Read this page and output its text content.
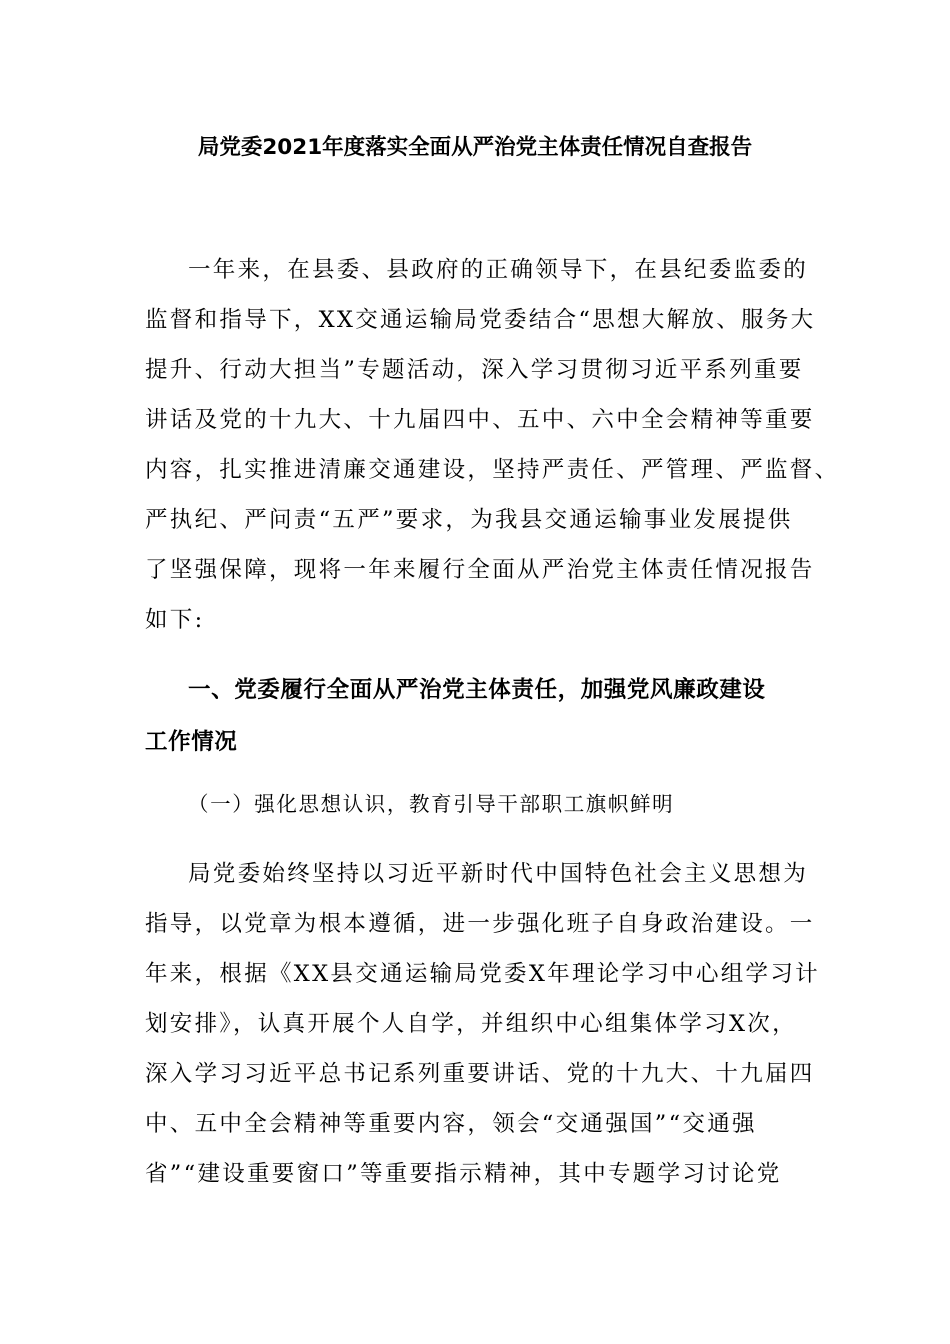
局党委2021年度落实全面从严治党主体责任情况自查报告
一年来，在县委、县政府的正确领导下，在县纪委监委的
监督和指导下，XX交通运输局党委结合“思想大解放、服务大
提升、行动大担当”专题活动，深入学习贯彻习近平系列重要
讲话及党的十九大、十九届四中、五中、六中全会精神等重要
内容，扎实推进清廉交通建设，坚持严责任、严管理、严监督、
严执纪、严问责“五严”要求，为我县交通运输事业发展提供
了坚强保障，现将一年来履行全面从严治党主体责任情况报告
如下:
一、党委履行全面从严治党主体责任，加强党风廉政建设
工作情况
（一）强化思想认识，教育引导干部职工旗帜鲜明
局党委始终坚持以习近平新时代中国特色社会主义思想为
指导，以党章为根本遵循，进一步强化班子自身政治建设。一
年来，根据《XX县交通运输局党委X年理论学习中心组学习计
划安排》，认真开展个人自学，并组织中心组集体学习X次，
深入学习习近平总书记系列重要讲话、党的十九大、十九届四
中、五中全会精神等重要内容，领会“交通强国”“交通强
省”“建设重要窗口”等重要指示精神，其中专题学习讨论党
